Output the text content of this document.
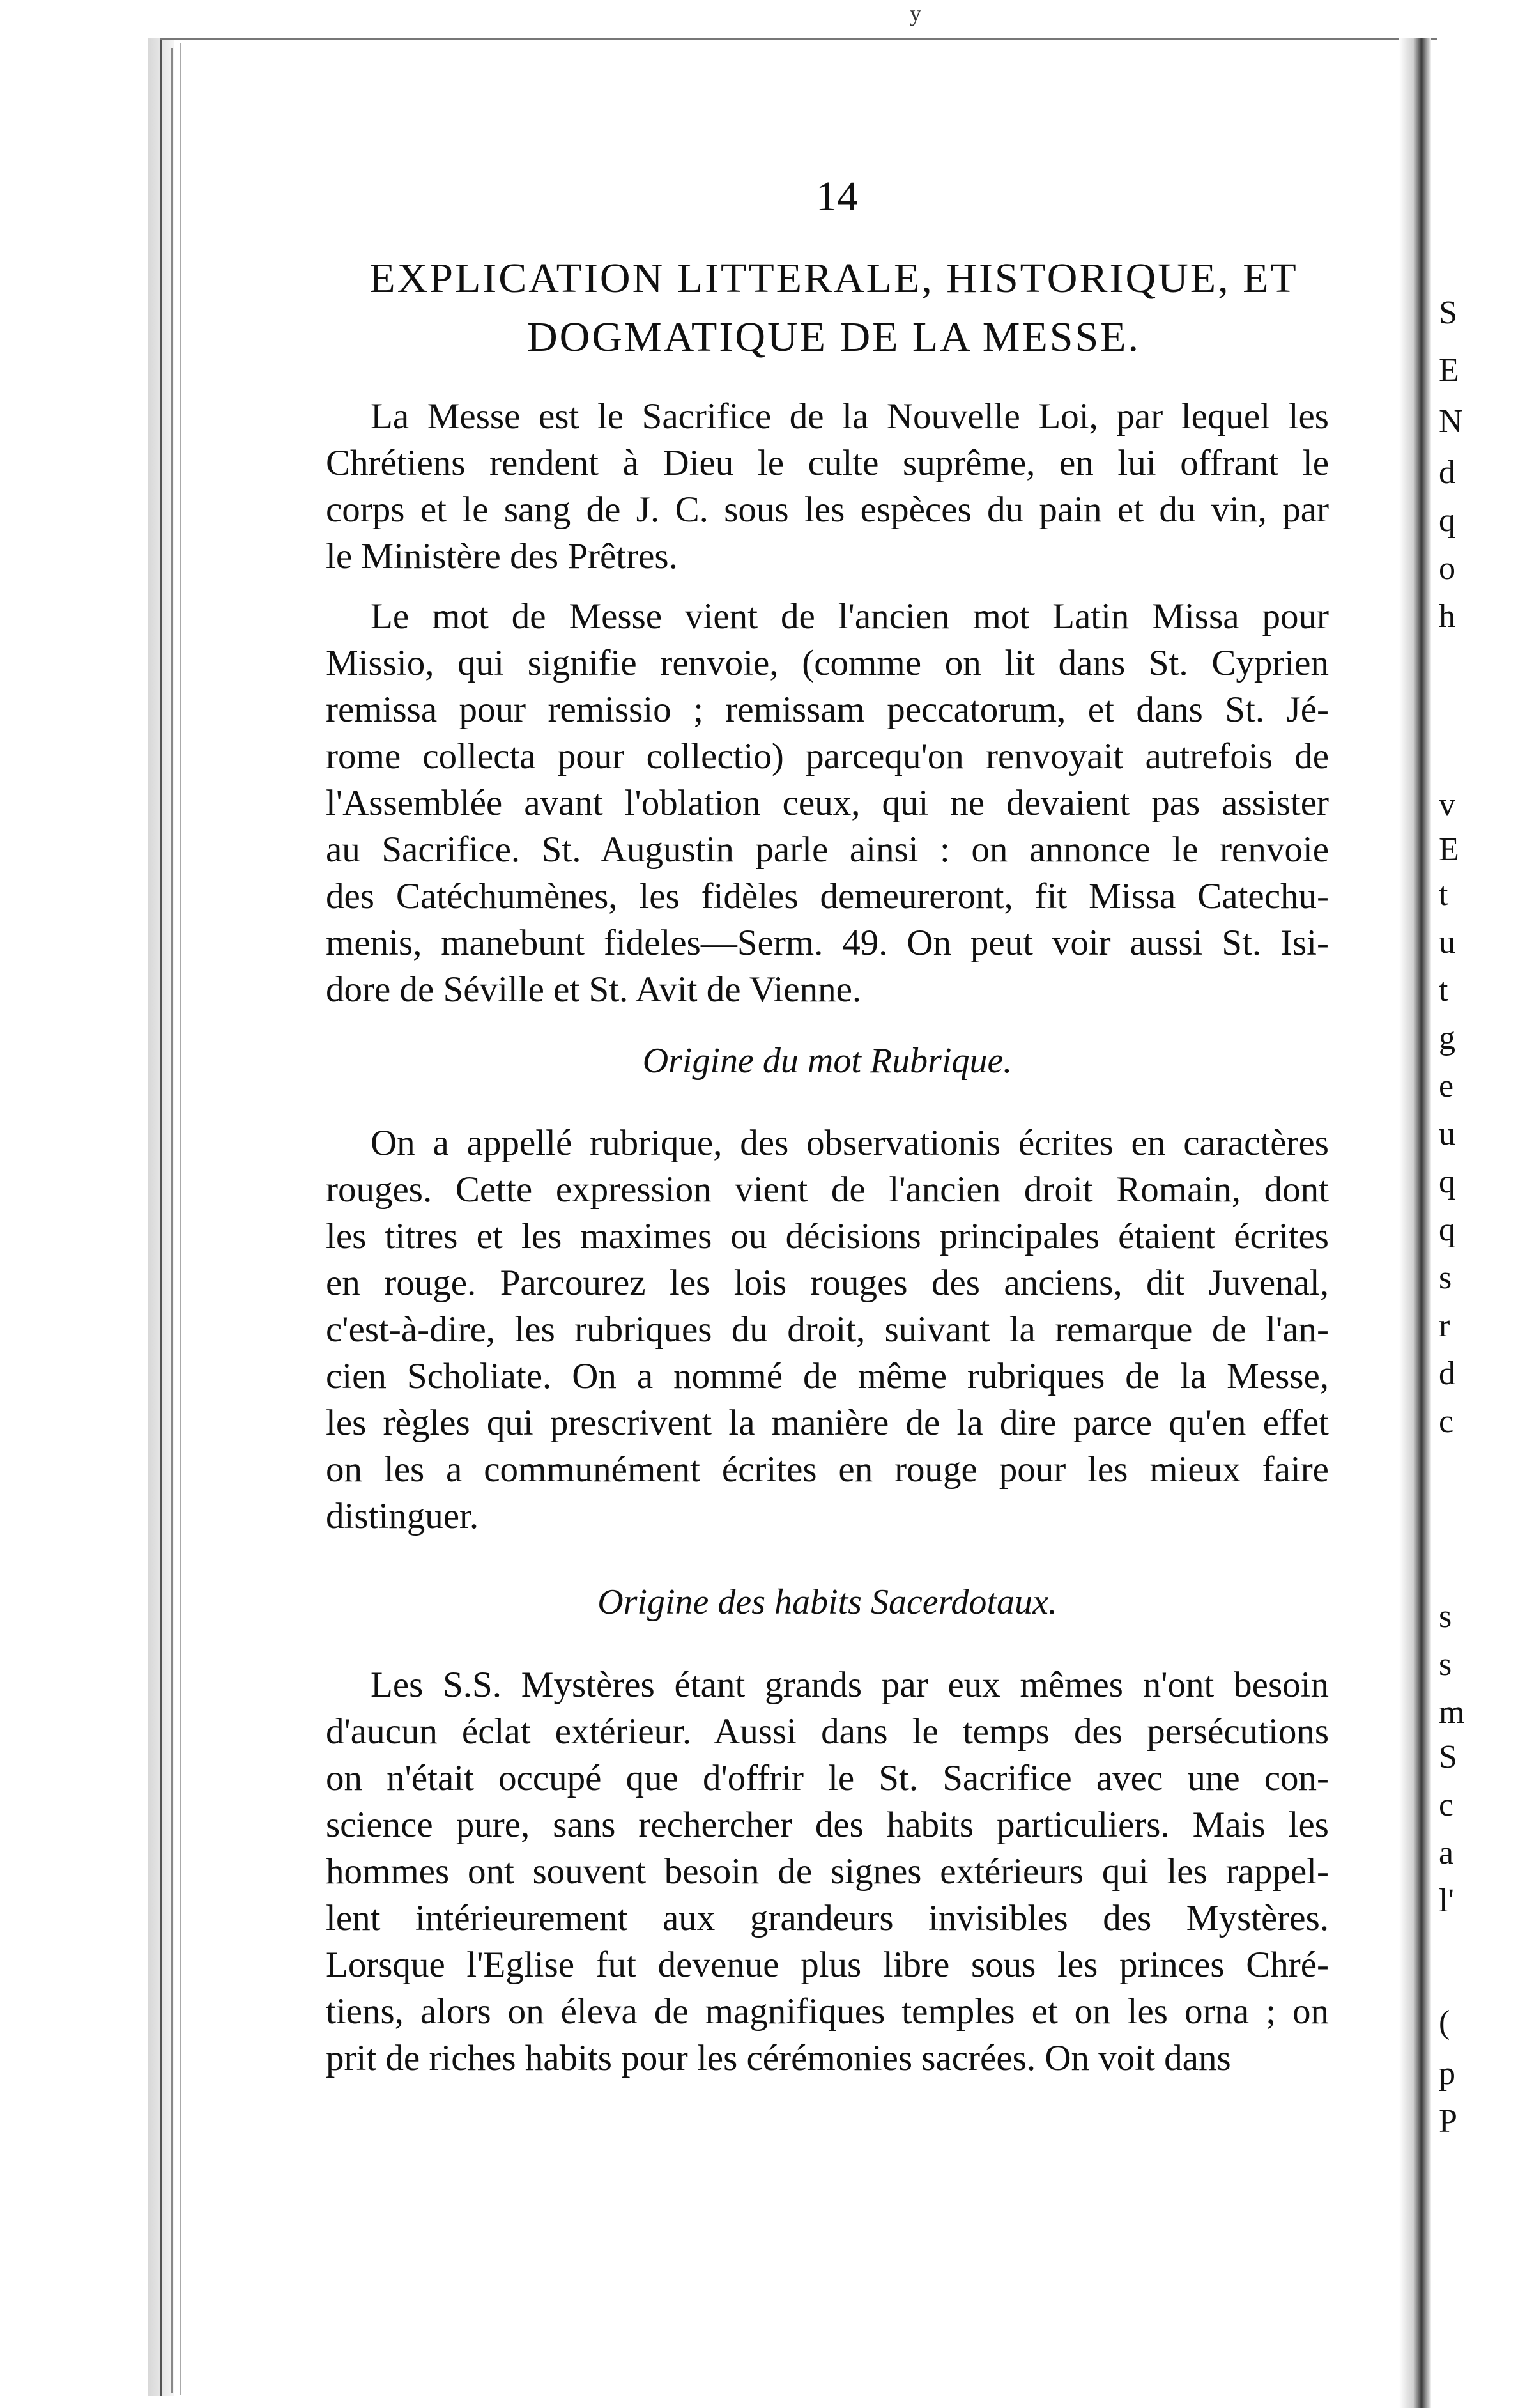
y
14
EXPLICATION LITTERALE, HISTORIQUE, ET
DOGMATIQUE DE LA MESSE.
La Messe est le Sacrifice de la Nouvelle Loi, par lequel les
Chrétiens rendent à Dieu le culte suprême, en lui offrant le
corps et le sang de J. C. sous les espèces du pain et du vin, par
le Ministère des Prêtres.
Le mot de Messe vient de l'ancien mot Latin Missa pour
Missio, qui signifie renvoie, (comme on lit dans St. Cyprien
remissa pour remissio ; remissam peccatorum, et dans St. Jé-
rome collecta pour collectio) parcequ'on renvoyait autrefois de
l'Assemblée avant l'oblation ceux, qui ne devaient pas assister
au Sacrifice. St. Augustin parle ainsi : on annonce le renvoie
des Catéchumènes, les fidèles demeureront, fit Missa Catechu-
menis, manebunt fideles—Serm. 49. On peut voir aussi St. Isi-
dore de Séville et St. Avit de Vienne.
Origine du mot Rubrique.
On a appellé rubrique, des observationis écrites en caractères
rouges. Cette expression vient de l'ancien droit Romain, dont
les titres et les maximes ou décisions principales étaient écrites
en rouge. Parcourez les lois rouges des anciens, dit Juvenal,
c'est-à-dire, les rubriques du droit, suivant la remarque de l'an-
cien Scholiate. On a nommé de même rubriques de la Messe,
les règles qui prescrivent la manière de la dire parce qu'en effet
on les a communément écrites en rouge pour les mieux faire
distinguer.
Origine des habits Sacerdotaux.
Les S.S. Mystères étant grands par eux mêmes n'ont besoin
d'aucun éclat extérieur. Aussi dans le temps des persécutions
on n'était occupé que d'offrir le St. Sacrifice avec une con-
science pure, sans rechercher des habits particuliers. Mais les
hommes ont souvent besoin de signes extérieurs qui les rappel-
lent intérieurement aux grandeurs invisibles des Mystères.
Lorsque l'Eglise fut devenue plus libre sous les princes Chré-
tiens, alors on éleva de magnifiques temples et on les orna ; on
prit de riches habits pour les cérémonies sacrées. On voit dans
S
E
N
d
q
o
h
v
E
t
u
t
g
e
u
q
q
s
r
d
c
s
s
m
S
c
a
l'
(
p
P
